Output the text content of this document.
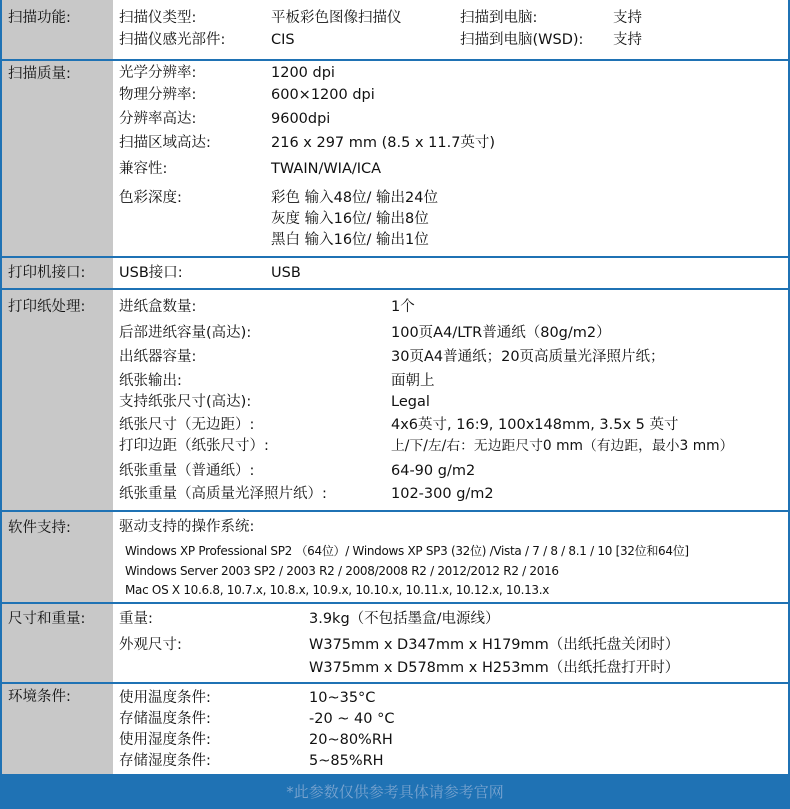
扫描功能:	扫描仪类型:	平板彩色图像扫描仪	扫描到电脑:	支持
扫描仪感光部件:	CIS	扫描到电脑(WSD): 支持
扫描质量:	光学分辨率:	1200 dpi
物理分辨率:	600×1200 dpi
分辨率高达:	9600dpi
扫描区域高达:	216 x 297 mm (8.5 x 11.7英寸)
兼容性:	TWAIN/WIA/ICA
色彩深度:	彩色 输入48位/ 输出24位
灰度 输入16位/ 输出8位
黑白 输入16位/ 输出1位
打印机接口:	USB接口:	USB
打印纸处理:	进纸盒数量:	1个
后部进纸容量(高达):	100页A4/LTR普通纸（80g/m2）
出纸器容量:	30页A4普通纸；20页高质量光泽照片纸；
纸张输出:	面朝上
支持纸张尺寸(高达):	Legal
纸张尺寸（无边距）:	4x6英寸, 16:9, 100x148mm, 3.5x 5 英寸
打印边距（纸张尺寸）:	上/下/左/右：无边距尺寸0 mm（有边距，最小3 mm）
纸张重量（普通纸）:	64-90 g/m2
纸张重量（高质量光泽照片纸）:	102-300 g/m2
软件支持:	驱动支持的操作系统:
Windows XP Professional SP2 （64位）/ Windows XP SP3 (32位) /Vista / 7 / 8 / 8.1 / 10 [32位和64位]
Windows Server 2003 SP2 / 2003 R2 / 2008/2008 R2 / 2012/2012 R2 / 2016
Mac OS X 10.6.8, 10.7.x, 10.8.x, 10.9.x, 10.10.x, 10.11.x, 10.12.x, 10.13.x
尺寸和重量:	重量:	3.9kg（不包括墨盒/电源线）
外观尺寸:	W375mm x D347mm x H179mm（出纸托盘关闭时）
W375mm x D578mm x H253mm（出纸托盘打开时）
环境条件:	使用温度条件:	10~35°C
存储温度条件:	-20 ~ 40 °C
使用湿度条件:	20~80%RH
存储湿度条件:	5~85%RH
*此参数仅供参考具体请参考官网
